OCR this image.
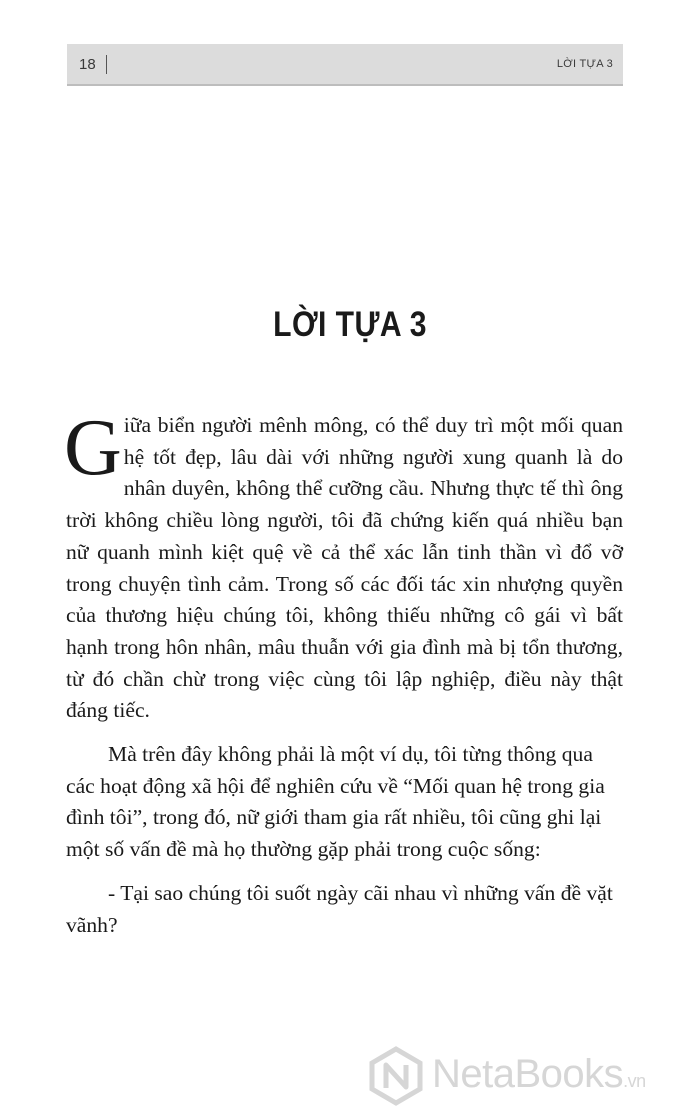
18	LỜI TỰA 3
LỜI TỰA 3

Giữa biển người mênh mông, có thể duy trì một mối quan hệ tốt đẹp, lâu dài với những người xung quanh là do nhân duyên, không thể cưỡng cầu. Nhưng thực tế thì ông trời không chiều lòng người, tôi đã chứng kiến quá nhiều bạn nữ quanh mình kiệt quệ về cả thể xác lẫn tinh thần vì đổ vỡ trong chuyện tình cảm. Trong số các đối tác xin nhượng quyền của thương hiệu chúng tôi, không thiếu những cô gái vì bất hạnh trong hôn nhân, mâu thuẫn với gia đình mà bị tổn thương, từ đó chần chừ trong việc cùng tôi lập nghiệp, điều này thật đáng tiếc.

Mà trên đây không phải là một ví dụ, tôi từng thông qua các hoạt động xã hội để nghiên cứu về “Mối quan hệ trong gia đình tôi”, trong đó, nữ giới tham gia rất nhiều, tôi cũng ghi lại một số vấn đề mà họ thường gặp phải trong cuộc sống:

- Tại sao chúng tôi suốt ngày cãi nhau vì những vấn đề vặt vãnh?

NetaBooks.vn
